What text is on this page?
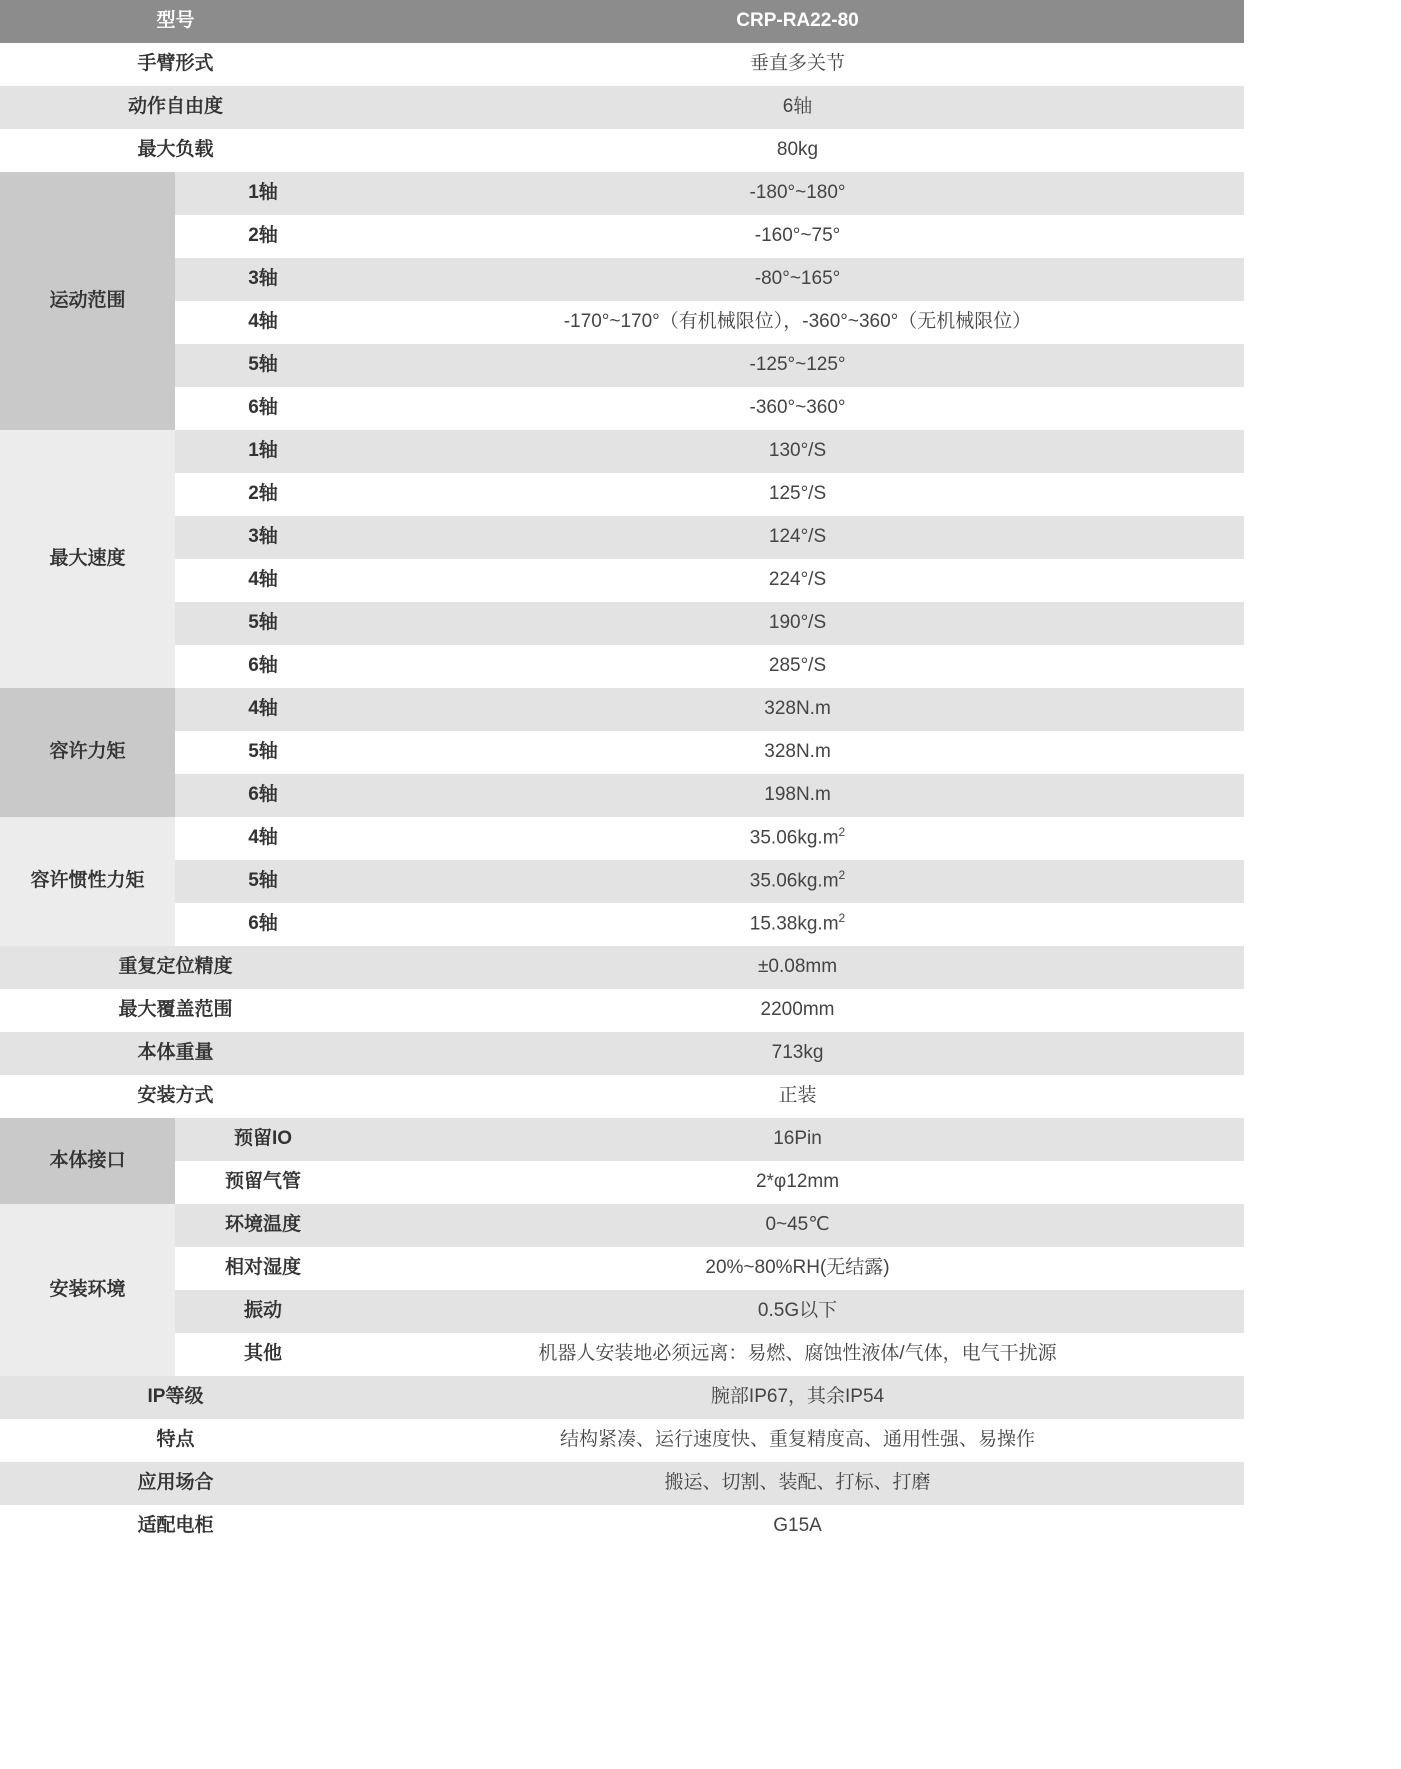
型号		CRP-RA22-80
手臂形式		垂直多关节
动作自由度		6轴
最大负载		80kg
运动范围	1轴	-180°~180°
	2轴	-160°~75°
	3轴	-80°~165°
	4轴	-170°~170°（有机械限位），-360°~360°（无机械限位）
	5轴	-125°~125°
	6轴	-360°~360°
最大速度	1轴	130°/S
	2轴	125°/S
	3轴	124°/S
	4轴	224°/S
	5轴	190°/S
	6轴	285°/S
容许力矩	4轴	328N.m
	5轴	328N.m
	6轴	198N.m
容许惯性力矩	4轴	$35.06kg.m^2$
	5轴	$35.06kg.m^2$
	6轴	$15.38kg.m^2$
重复定位精度		±0.08mm
最大覆盖范围		2200mm
本体重量		713kg
安装方式		正装
本体接口	预留IO	16Pin
	预留气管	2*φ12mm
安装环境	环境温度	0~45℃
	相对湿度	20%~80%RH(无结露)
	振动	0.5G以下
	其他	机器人安装地必须远离：易燃、腐蚀性液体/气体，电气干扰源
IP等级		腕部IP67，其余IP54
特点		结构紧凑、运行速度快、重复精度高、通用性强、易操作
应用场合		搬运、切割、装配、打标、打磨
适配电柜		G15A
